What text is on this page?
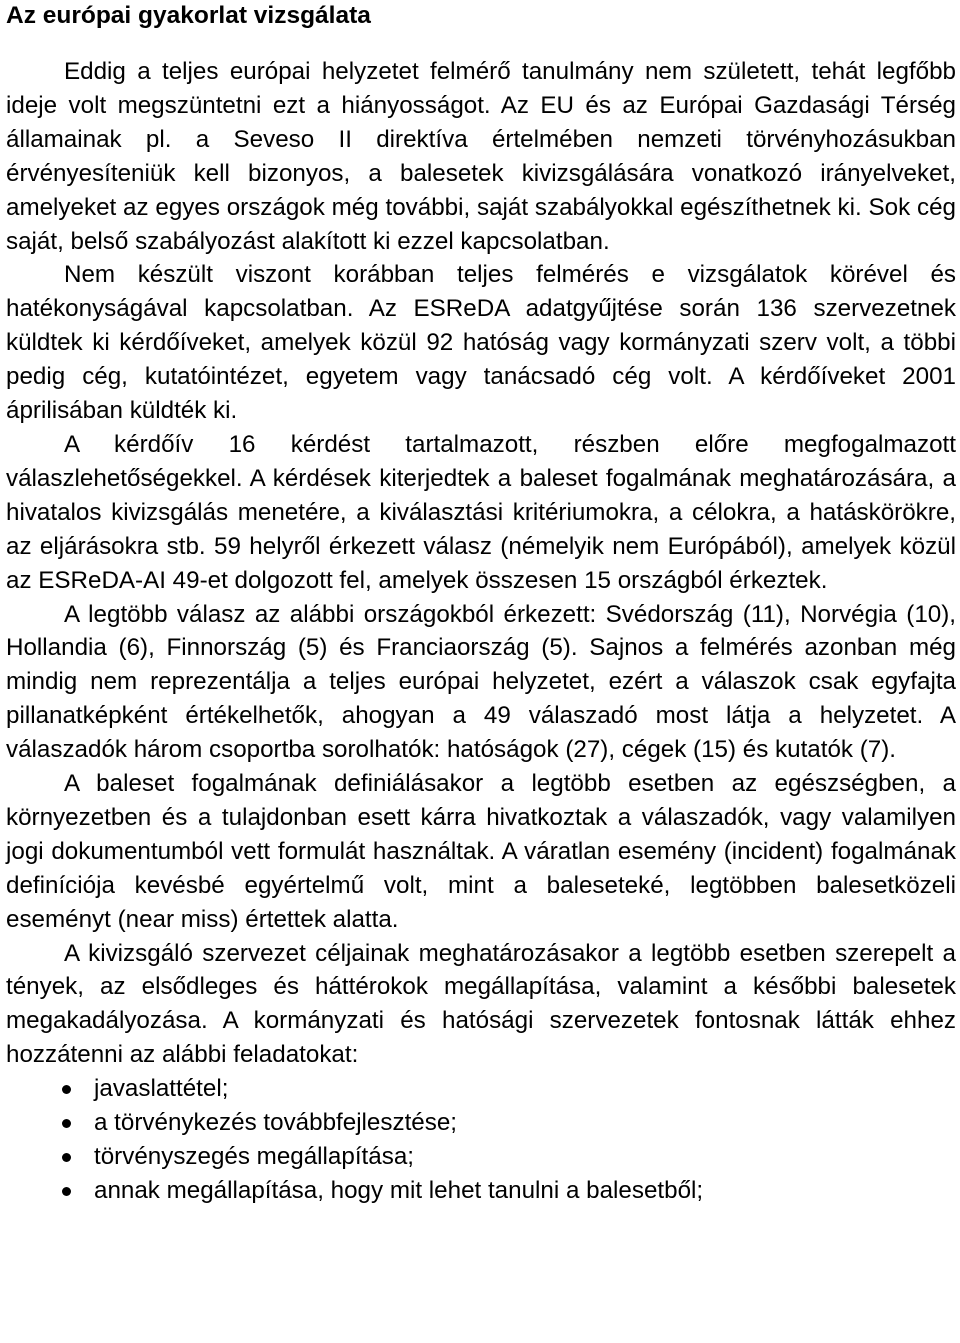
Az európai gyakorlat vizsgálata

Eddig a teljes európai helyzetet felmérő tanulmány nem született, tehát legfőbb ideje volt megszüntetni ezt a hiányosságot. Az EU és az Európai Gazdasági Térség államainak pl. a Seveso II direktíva értelmében nemzeti törvényhozásukban érvényesíteniük kell bizonyos, a balesetek kivizsgálására vonatkozó irányelveket, amelyeket az egyes országok még további, saját szabályokkal egészíthetnek ki. Sok cég saját, belső szabályozást alakított ki ezzel kapcsolatban.

Nem készült viszont korábban teljes felmérés e vizsgálatok körével és hatékonyságával kapcsolatban. Az ESReDA adatgyűjtése során 136 szervezetnek küldtek ki kérdőíveket, amelyek közül 92 hatóság vagy kormányzati szerv volt, a többi pedig cég, kutatóintézet, egyetem vagy tanácsadó cég volt. A kérdőíveket 2001 áprilisában küldték ki.

A kérdőív 16 kérdést tartalmazott, részben előre megfogalmazott válaszlehetőségekkel. A kérdések kiterjedtek a baleset fogalmának meghatározására, a hivatalos kivizsgálás menetére, a kiválasztási kritériumokra, a célokra, a hatáskörökre, az eljárásokra stb. 59 helyről érkezett válasz (némelyik nem Európából), amelyek közül az ESReDA-AI 49-et dolgozott fel, amelyek összesen 15 országból érkeztek.

A legtöbb válasz az alábbi országokból érkezett: Svédország (11), Norvégia (10), Hollandia (6), Finnország (5) és Franciaország (5). Sajnos a felmérés azonban még mindig nem reprezentálja a teljes európai helyzetet, ezért a válaszok csak egyfajta pillanatképként értékelhetők, ahogyan a 49 válaszadó most látja a helyzetet. A válaszadók három csoportba sorolhatók: hatóságok (27), cégek (15) és kutatók (7).

A baleset fogalmának definiálásakor a legtöbb esetben az egészségben, a környezetben és a tulajdonban esett kárra hivatkoztak a válaszadók, vagy valamilyen jogi dokumentumból vett formulát használtak. A váratlan esemény (incident) fogalmának definíciója kevésbé egyértelmű volt, mint a baleseteké, legtöbben balesetközeli eseményt (near miss) értettek alatta.

A kivizsgáló szervezet céljainak meghatározásakor a legtöbb esetben szerepelt a tények, az elsődleges és háttérokok megállapítása, valamint a későbbi balesetek megakadályozása. A kormányzati és hatósági szervezetek fontosnak látták ehhez hozzátenni az alábbi feladatokat:

javaslattétel;
a törvénykezés továbbfejlesztése;
törvényszegés megállapítása;
annak megállapítása, hogy mit lehet tanulni a balesetből;
